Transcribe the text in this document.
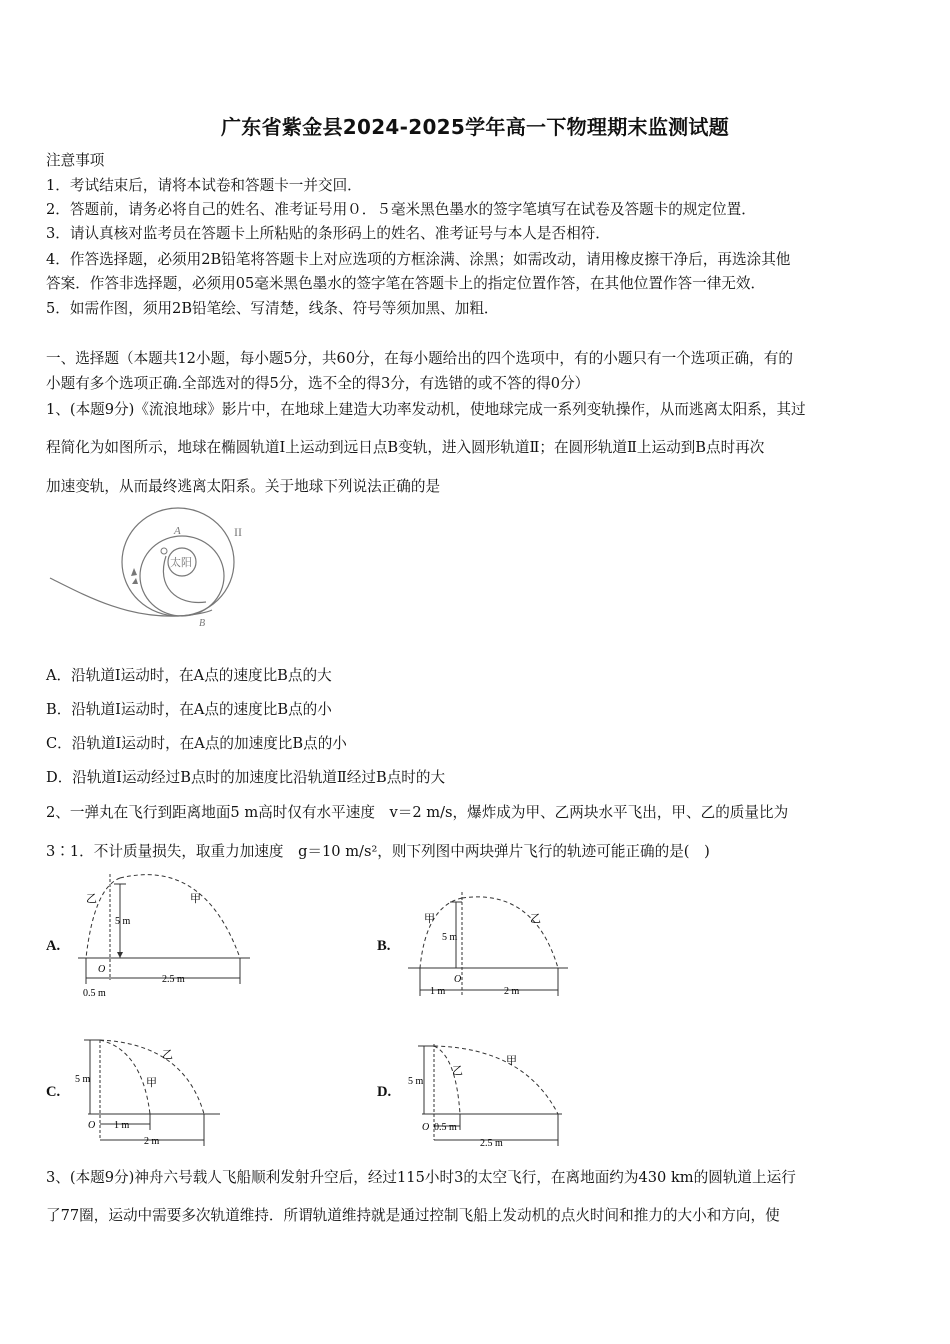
广东省紫金县2024-2025学年高一下物理期末监测试题
注意事项
1．考试结束后，请将本试卷和答题卡一并交回．
2．答题前，请务必将自己的姓名、准考证号用０．５毫米黑色墨水的签字笔填写在试卷及答题卡的规定位置．
3．请认真核对监考员在答题卡上所粘贴的条形码上的姓名、准考证号与本人是否相符．
4．作答选择题，必须用2B铅笔将答题卡上对应选项的方框涂满、涂黑；如需改动，请用橡皮擦干净后，再选涂其他
答案．作答非选择题，必须用05毫米黑色墨水的签字笔在答题卡上的指定位置作答，在其他位置作答一律无效．
5．如需作图，须用2B铅笔绘、写清楚，线条、符号等须加黑、加粗．
一、选择题（本题共12小题，每小题5分，共60分，在每小题给出的四个选项中，有的小题只有一个选项正确，有的
小题有多个选项正确.全部选对的得5分，选不全的得3分，有选错的或不答的得0分）
1、(本题9分)《流浪地球》影片中，在地球上建造大功率发动机，使地球完成一系列变轨操作，从而逃离太阳系，其过
程简化为如图所示，地球在椭圆轨道Ⅰ上运动到远日点B变轨，进入圆形轨道Ⅱ；在圆形轨道Ⅱ上运动到B点时再次
加速变轨，从而最终逃离太阳系。关于地球下列说法正确的是
太阳
A	II
B
A．沿轨道Ⅰ运动时，在A点的速度比B点的大
B．沿轨道Ⅰ运动时，在A点的速度比B点的小
C．沿轨道Ⅰ运动时，在A点的加速度比B点的小
D．沿轨道Ⅰ运动经过B点时的加速度比沿轨道Ⅱ经过B点时的大
2、一弹丸在飞行到距离地面5 m高时仅有水平速度　v＝2 m/s，爆炸成为甲、乙两块水平飞出，甲、乙的质量比为
3∶1．不计质量损失，取重力加速度　g＝10 m/s²，则下列图中两块弹片飞行的轨迹可能正确的是(　)
A.
甲
乙
5 m
O
0.5 m
2.5 m
B.
甲	乙
5 m
O
1 m	2 m
C.
乙
甲
5 m
O 1 m
2 m
D.
甲
乙
5 m
O 0.5 m
2.5 m
3、(本题9分)神舟六号载人飞船顺利发射升空后，经过115小时3的太空飞行，在离地面约为430 km的圆轨道上运行
了77圈，运动中需要多次轨道维持．所谓轨道维持就是通过控制飞船上发动机的点火时间和推力的大小和方向，使
